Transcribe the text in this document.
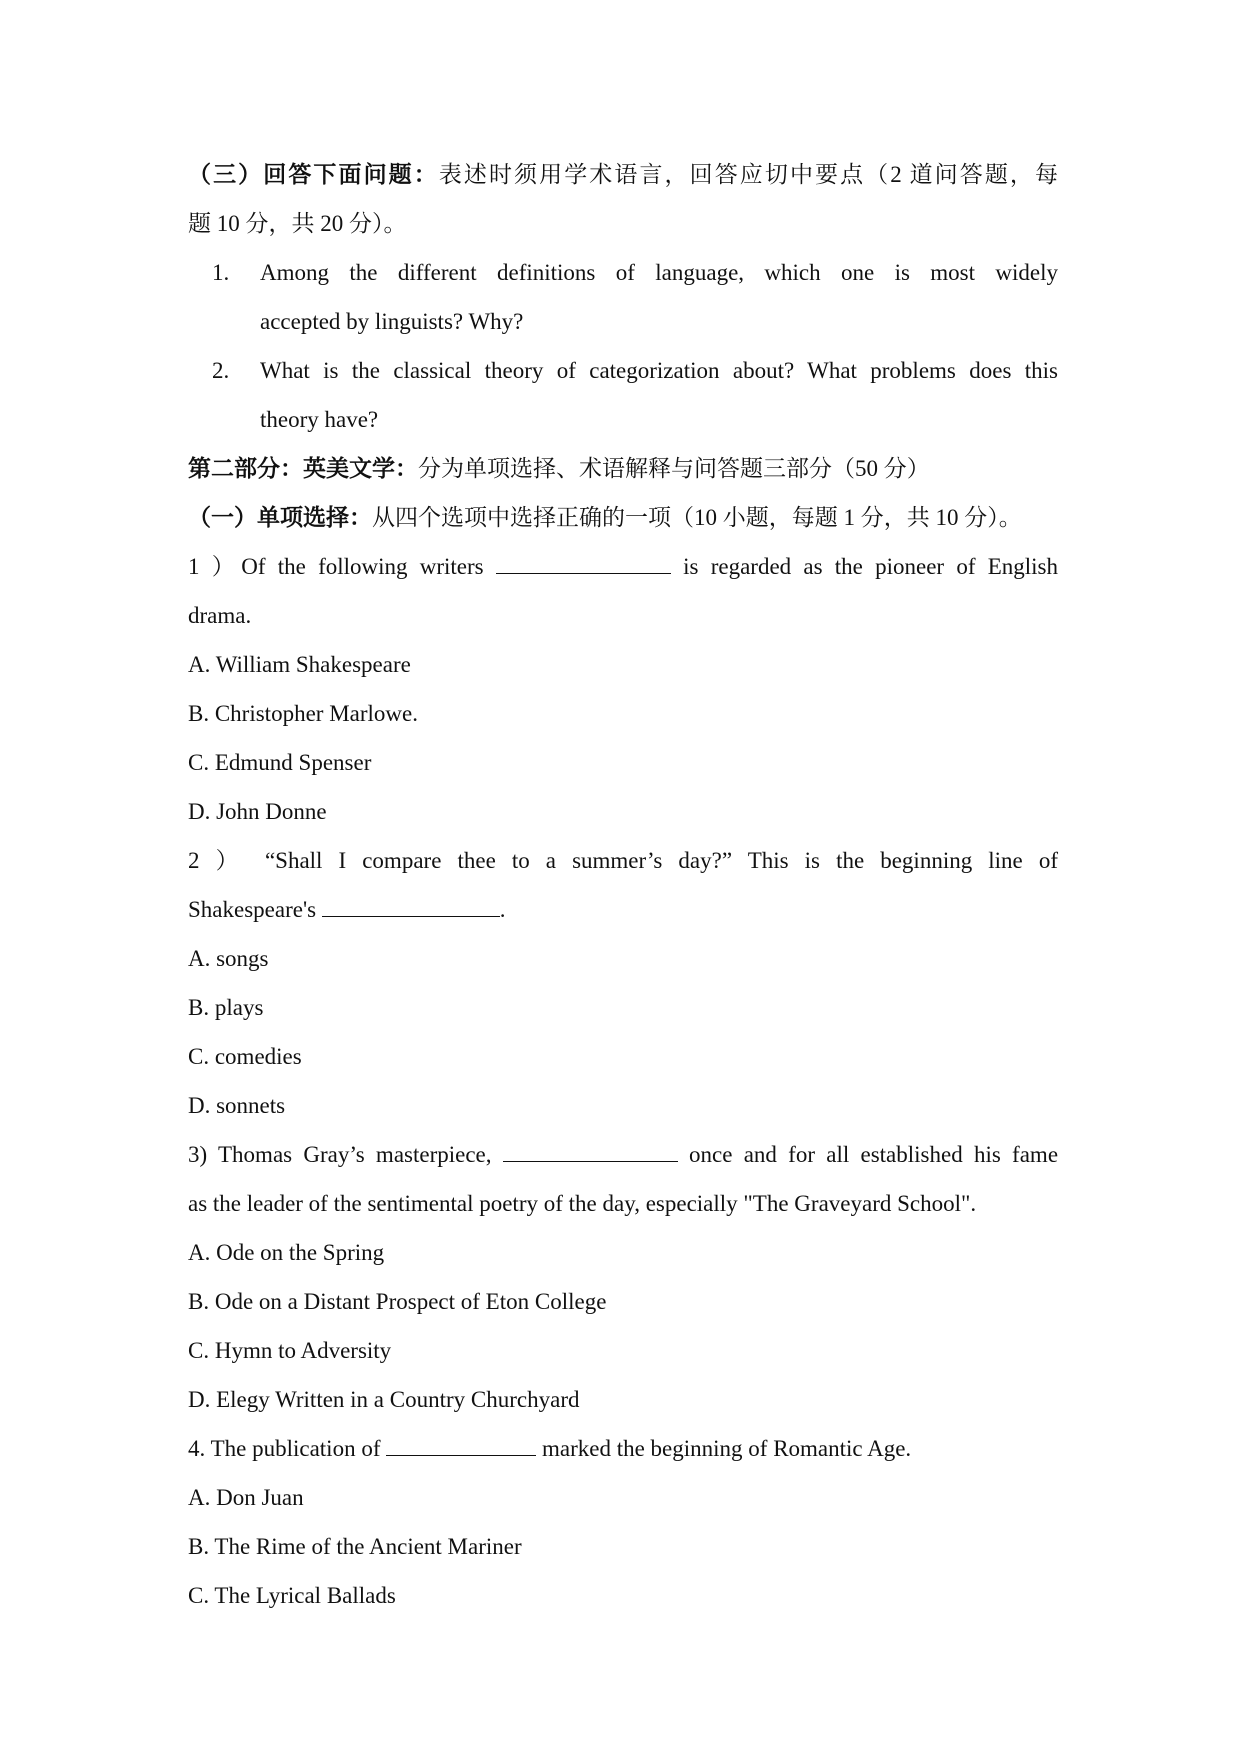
（三）回答下面问题：表述时须用学术语言，回答应切中要点（2 道问答题，每
题 10 分，共 20 分）。
1.	Among the different definitions of language, which one is most widely
accepted by linguists? Why?
2.	What is the classical theory of categorization about? What problems does this
theory have?
第二部分：英美文学：分为单项选择、术语解释与问答题三部分（50 分）
（一）单项选择：从四个选项中选择正确的一项（10 小题，每题 1 分，共 10 分）。
1 ）Of the following writers	is regarded as the pioneer of English
drama.
A. William Shakespeare
B. Christopher Marlowe.
C. Edmund Spenser
D. John Donne
2 ） “Shall I compare thee to a summer’s day?” This is the beginning line of
Shakespeare's	.
A. songs
B. plays
C. comedies
D. sonnets
3) Thomas Gray’s masterpiece,	once and for all established his fame
as the leader of the sentimental poetry of the day, especially "The Graveyard School".
A. Ode on the Spring
B. Ode on a Distant Prospect of Eton College
C. Hymn to Adversity
D. Elegy Written in a Country Churchyard
4. The publication of	marked the beginning of Romantic Age.
A. Don Juan
B. The Rime of the Ancient Mariner
C. The Lyrical Ballads
